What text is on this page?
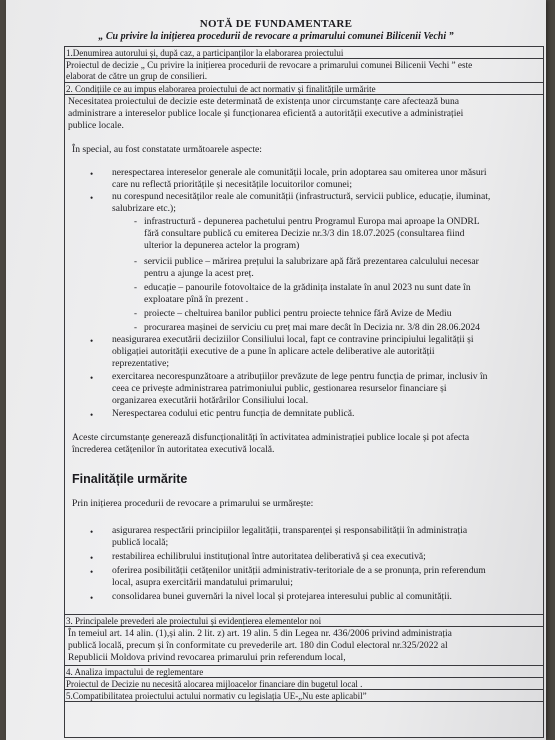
NOTĂ DE FUNDAMENTARE
„ Cu privire la inițierea procedurii de revocare a primarului comunei Bilicenii Vechi ”
1.Denumirea autorului și, după caz, a participanților la elaborarea proiectului
Proiectul de decizie „ Cu privire la inițierea procedurii de revocare a primarului comunei Bilicenii Vechi ” este
elaborat de către un grup de consilieri.
2. Condițiile ce au impus elaborarea proiectului de act normativ și finalitățile urmărite
Necesitatea proiectului de decizie este determinată de existența unor circumstanțe care afectează buna
administrare a intereselor publice locale și funcționarea eficientă a autorității executive a administrației
publice locale.
În special, au fost constatate următoarele aspecte:
• nerespectarea intereselor generale ale comunității locale, prin adoptarea sau omiterea unor măsuri
care nu reflectă prioritățile și necesitățile locuitorilor comunei;
• nu corespund necesităților reale ale comunității (infrastructură, servicii publice, educație, iluminat,
salubrizare etc.);
- infrastructură - depunerea pachetului pentru Programul Europa mai aproape la ONDRL
fără consultare publică cu emiterea Decizie nr.3/3 din 18.07.2025 (consultarea fiind
ulterior la depunerea actelor la program)
- servicii publice – mărirea prețului la salubrizare apă fără prezentarea calculului necesar
pentru a ajunge la acest preț.
- educație – panourile fotovoltaice de la grădinița instalate în anul 2023 nu sunt date în
exploatare pînă în prezent .
- proiecte – cheltuirea banilor publici pentru proiecte tehnice fără Avize de Mediu
- procurarea mașinei de serviciu cu preț mai mare decât în Decizia nr. 3/8 din 28.06.2024
• neasigurarea executării deciziilor Consiliului local, fapt ce contravine principiului legalității și
obligației autorității executive de a pune în aplicare actele deliberative ale autorității
reprezentative;
• exercitarea necorespunzătoare a atribuțiilor prevăzute de lege pentru funcția de primar, inclusiv în
ceea ce privește administrarea patrimoniului public, gestionarea resurselor financiare și
organizarea executării hotărârilor Consiliului local.
• Nerespectarea codului etic pentru funcția de demnitate publică.
Aceste circumstanțe generează disfuncționalități în activitatea administrației publice locale și pot afecta
încrederea cetățenilor în autoritatea executivă locală.
Finalitățile urmărite
Prin inițierea procedurii de revocare a primarului se urmărește:
• asigurarea respectării principiilor legalității, transparenței și responsabilității în administrația
publică locală;
• restabilirea echilibrului instituțional între autoritatea deliberativă și cea executivă;
• oferirea posibilității cetățenilor unității administrativ-teritoriale de a se pronunța, prin referendum
local, asupra exercitării mandatului primarului;
• consolidarea bunei guvernări la nivel local și protejarea interesului public al comunității.
3. Principalele prevederi ale proiectului și evidențierea elementelor noi
În temeiul art. 14 alin. (1),și alin. 2 lit. z) art. 19 alin. 5 din Legea nr. 436/2006 privind administrația
publică locală, precum și în conformitate cu prevederile art. 180 din Codul electoral nr.325/2022 al
Republicii Moldova privind revocarea primarului prin referendum local,
4. Analiza impactului de reglementare
Proiectul de Decizie nu necesită alocarea mijloacelor financiare din bugetul local .
5.Compatibilitatea proiectului actului normativ cu legislația UE-„Nu este aplicabil”
